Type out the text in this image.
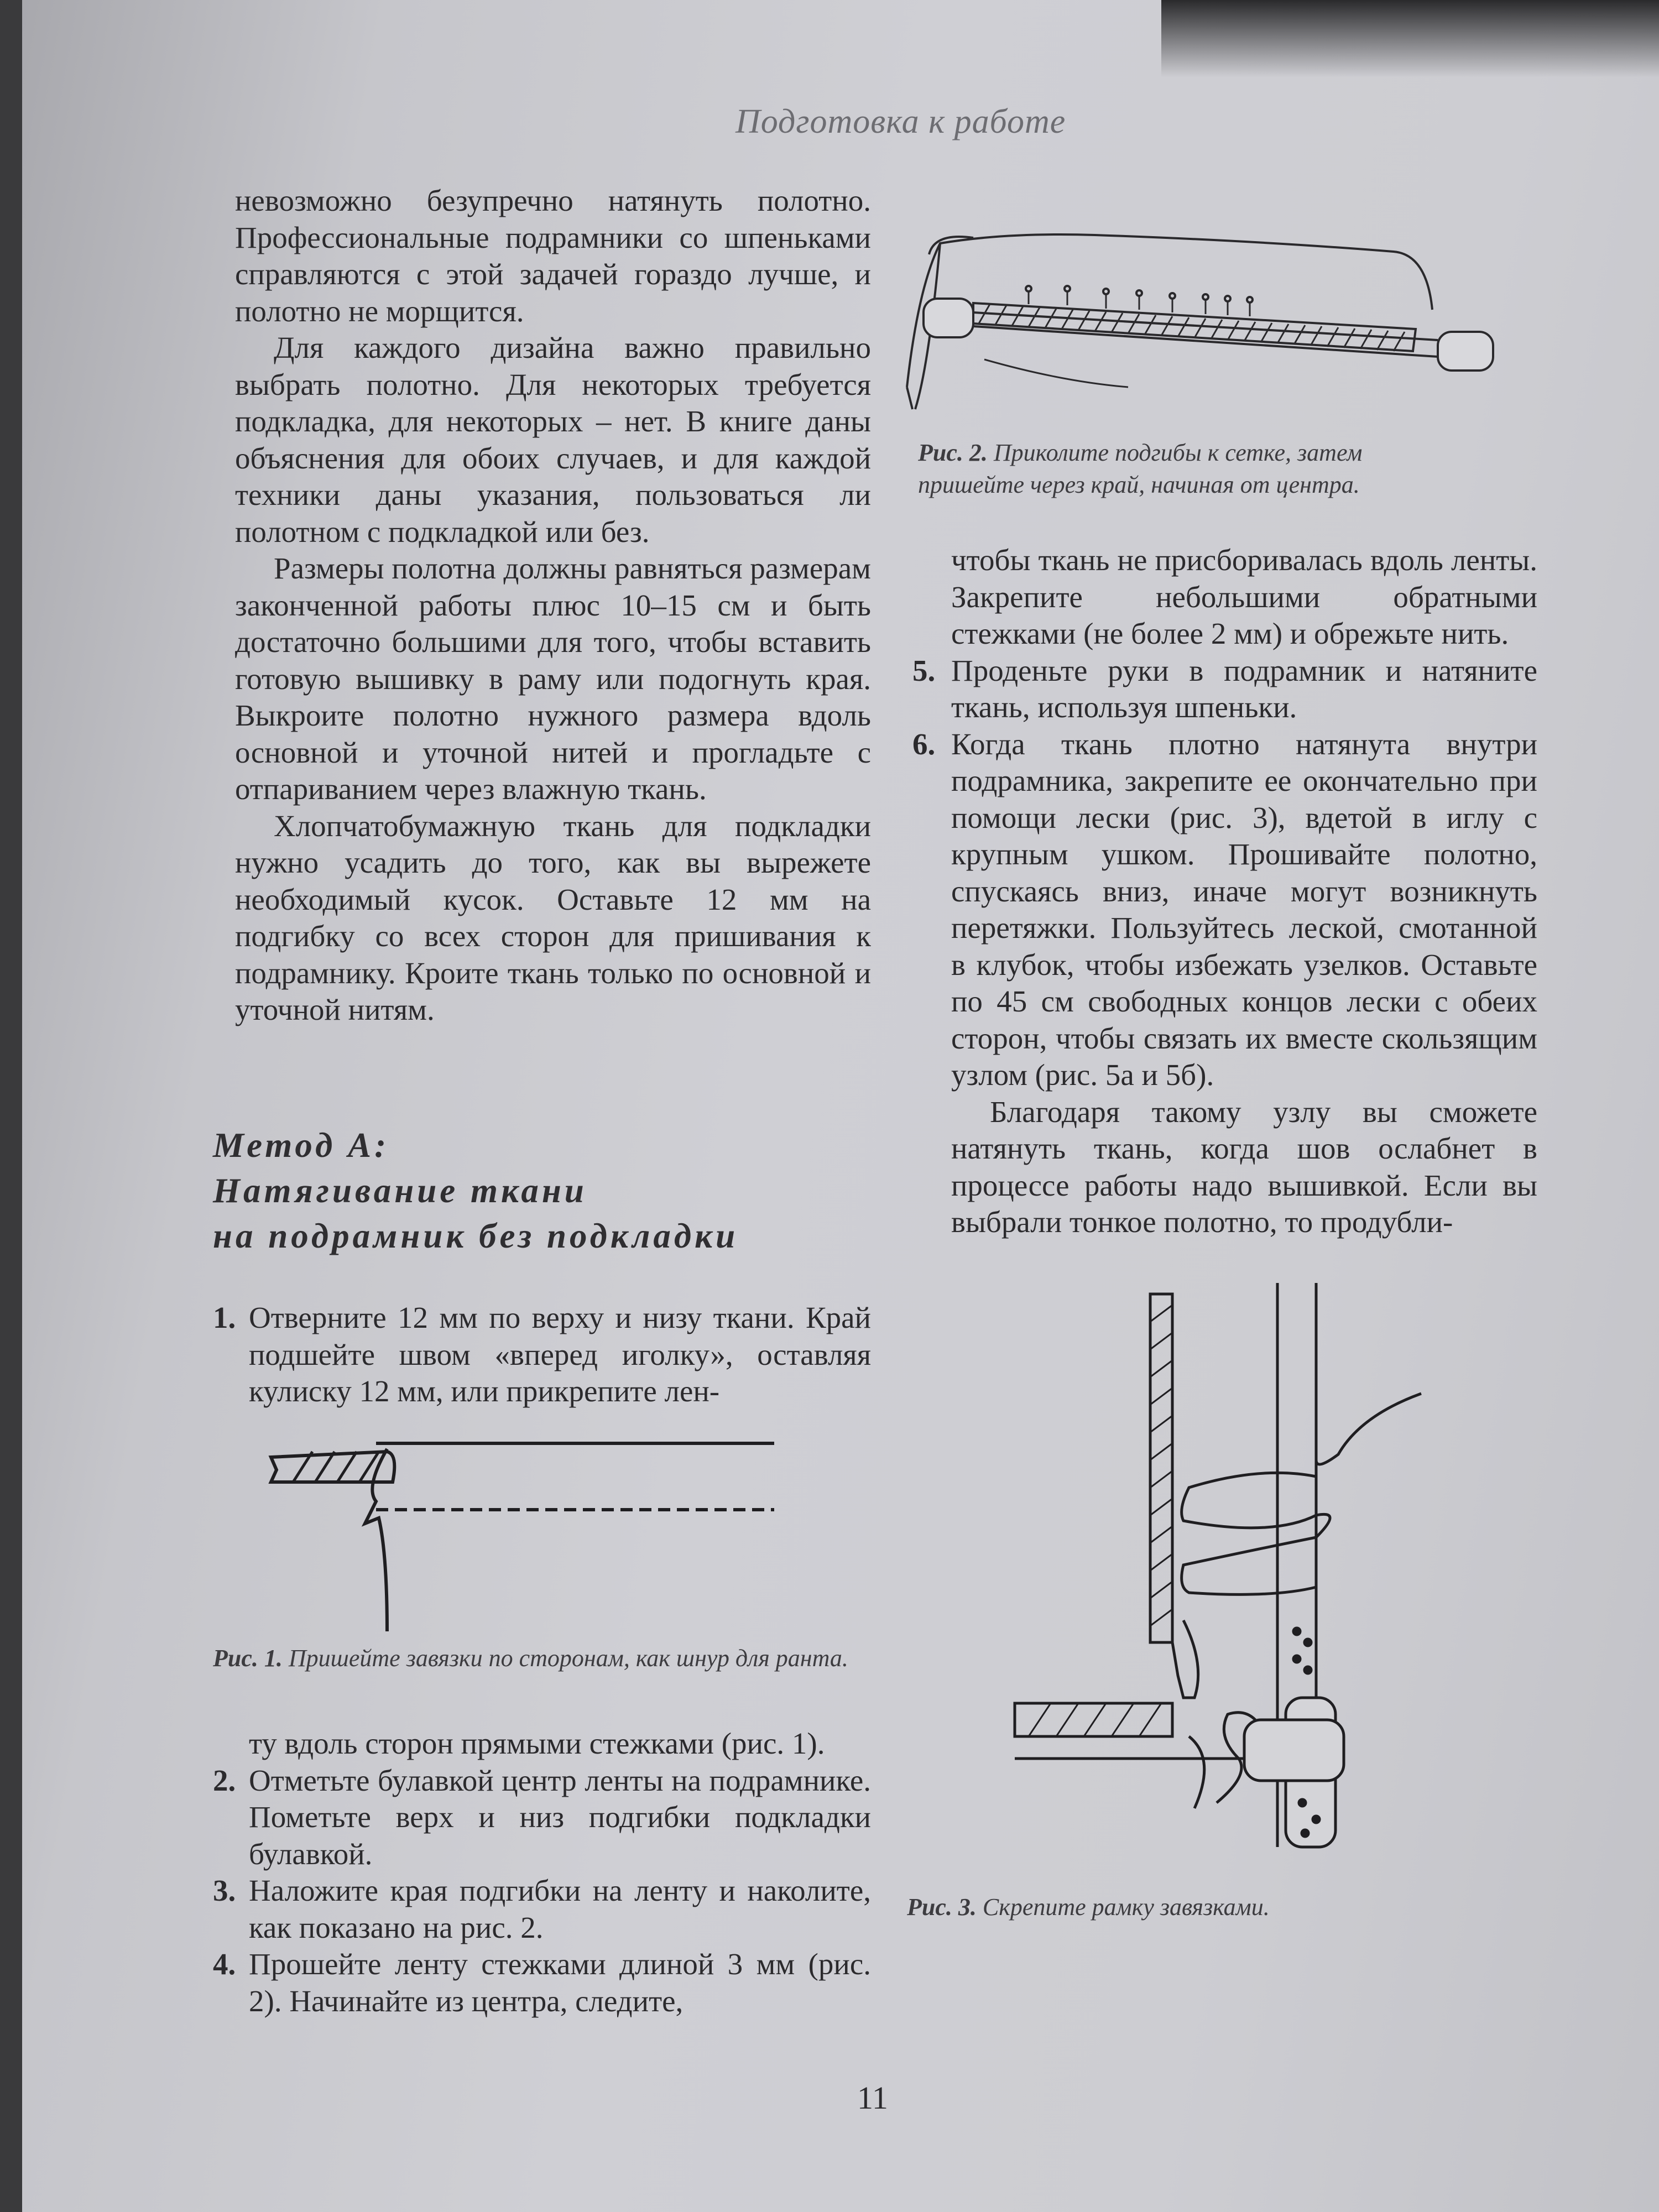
Подготовка к работе

невозможно безупречно натянуть полотно. Профессиональные подрамники со шпеньками справляются с этой задачей гораздо лучше, и полотно не морщится.

Для каждого дизайна важно правильно выбрать полотно. Для некоторых требуется подкладка, для некоторых – нет. В книге даны объяснения для обоих случаев, и для каждой техники даны указания, пользоваться ли полотном с подкладкой или без.

Размеры полотна должны равняться размерам законченной работы плюс 10–15 см и быть достаточно большими для того, чтобы вставить готовую вышивку в раму или подогнуть края. Выкроите полотно нужного размера вдоль основной и уточной нитей и прогладьте с отпариванием через влажную ткань.

Хлопчатобумажную ткань для подкладки нужно усадить до того, как вы вырежете необходимый кусок. Оставьте 12 мм на подгибку со всех сторон для пришивания к подрамнику. Кроите ткань только по основной и уточной нитям.

Метод А:
Натягивание ткани
на подрамник без подкладки
1. Отверните 12 мм по верху и низу ткани. Край подшейте швом «вперед иголку», оставляя кулиску 12 мм, или прикрепите лен-
Рис. 1. Пришейте завязки по сторонам, как шнур для ранта.

ту вдоль сторон прямыми стежками (рис. 1).

2. Отметьте булавкой центр ленты на подрамнике. Пометьте верх и низ подгибки подкладки булавкой.
3. Наложите края подгибки на ленту и наколите, как показано на рис. 2.
4. Прошейте ленту стежками длиной 3 мм (рис. 2). Начинайте из центра, следите,
Рис. 2. Приколите подгибы к сетке, затем пришейте через край, начиная от центра.

чтобы ткань не присборивалась вдоль ленты. Закрепите небольшими обратными стежками (не более 2 мм) и обрежьте нить.

5. Проденьте руки в подрамник и натяните ткань, используя шпеньки.
6. Когда ткань плотно натянута внутри подрамника, закрепите ее окончательно при помощи лески (рис. 3), вдетой в иглу с крупным ушком. Прошивайте полотно, спускаясь вниз, иначе могут возникнуть перетяжки. Пользуйтесь леской, смотанной в клубок, чтобы избежать узелков. Оставьте по 45 см свободных концов лески с обеих сторон, чтобы связать их вместе скользящим узлом (рис. 5а и 5б).

Благодаря такому узлу вы сможете натянуть ткань, когда шов ослабнет в процессе работы надо вышивкой. Если вы выбрали тонкое полотно, то продубли-

Рис. 3. Скрепите рамку завязками.
11
